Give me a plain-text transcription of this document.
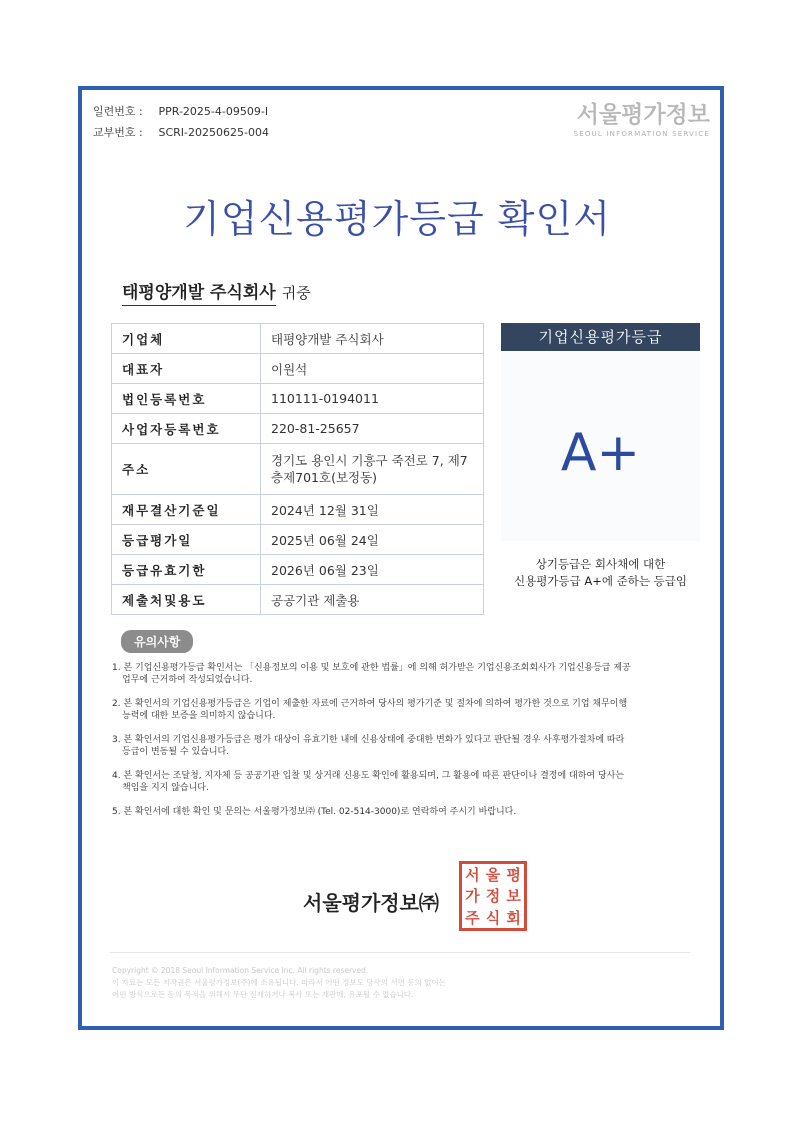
일련번호 : PPR-2025-4-09509-I
교부번호 : SCRI-20250625-004
서울평가정보
SEOUL INFORMATION SERVICE
기업신용평가등급 확인서
태평양개발 주식회사 귀중
기업체	태평양개발 주식회사
대표자	이원석
법인등록번호	110111-0194011
사업자등록번호	220-81-25657
주소	경기도 용인시 기흥구 죽전로 7, 제7층제701호(보정동)
재무결산기준일	2024년 12월 31일
등급평가일	2025년 06월 24일
등급유효기한	2026년 06월 23일
제출처및용도	공공기관 제출용
기업신용평가등급
A+
상기등급은 회사채에 대한
신용평가등급 A+에 준하는 등급임
유의사항
1. 본 기업신용평가등급 확인서는 「신용정보의 이용 및 보호에 관한 법률」에 의해 허가받은 기업신용조회회사가 기업신용등급 제공업무에 근거하여 작성되었습니다.
2. 본 확인서의 기업신용평가등급은 기업이 제출한 자료에 근거하여 당사의 평가기준 및 절차에 의하여 평가한 것으로 기업 채무이행능력에 대한 보증을 의미하지 않습니다.
3. 본 확인서의 기업신용평가등급은 평가 대상이 유효기한 내에 신용상태에 중대한 변화가 있다고 판단될 경우 사후평가절차에 따라 등급이 변동될 수 있습니다.
4. 본 확인서는 조달청, 지자체 등 공공기관 입찰 및 상거래 신용도 확인에 활용되며, 그 활용에 따른 판단이나 결정에 대하여 당사는 책임을 지지 않습니다.
5. 본 확인서에 대한 확인 및 문의는 서울평가정보㈜ (Tel. 02-514-3000)로 연락하여 주시기 바랍니다.
서울평가정보㈜
서 울 평
가 정 보
주 식 회
Copyright © 2018 Seoul Information Service Inc. All rights reserved.
이 자료는 모든 저작권은 서울평가정보(주)에 소유됩니다. 따라서 어떤 정보도 당사의 서면 동의 없이는
어떤 방식으로든 등의 목적을 위해서 무단 전재하거나 복사 또는 재판매, 유포될 수 없습니다.
